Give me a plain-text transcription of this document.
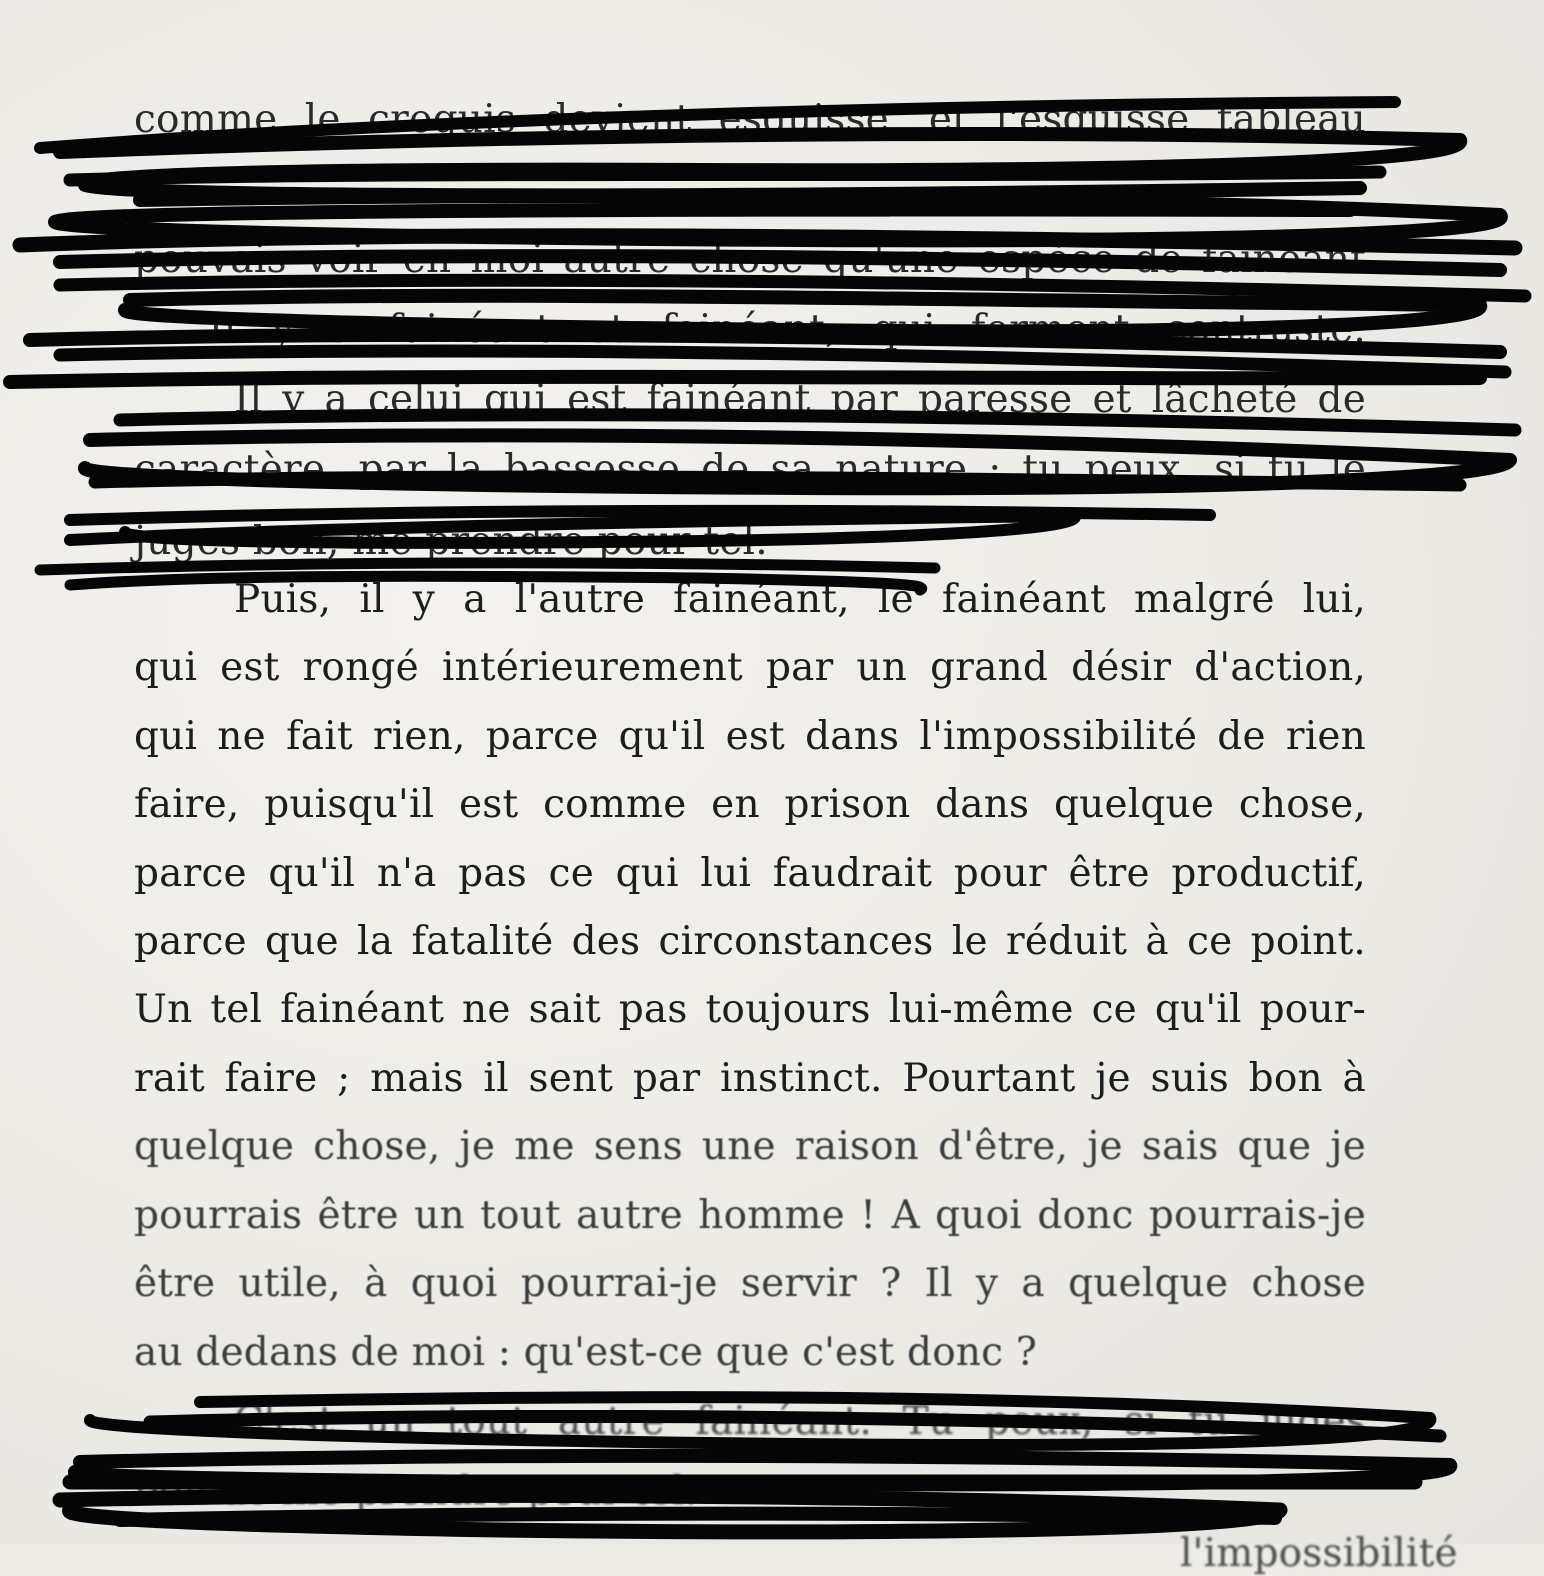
comme le croquis devient esquisse, et l'esquisse tableau
pouvais voir en moi autre chose qu'une espèce de fainéant
— Il y a fainéant et fainéant, qui forment contraste.
Il y a celui qui est fainéant par paresse et lâcheté de
caractère, par la bassesse de sa nature ; tu peux, si tu le
juges bon, me prendre pour tel.
Puis, il y a l'autre fainéant, le fainéant malgré lui,
qui est rongé intérieurement par un grand désir d'action,
qui ne fait rien, parce qu'il est dans l'impossibilité de rien
faire, puisqu'il est comme en prison dans quelque chose,
parce qu'il n'a pas ce qui lui faudrait pour être productif,
parce que la fatalité des circonstances le réduit à ce point.
Un tel fainéant ne sait pas toujours lui-même ce qu'il pour-
rait faire ; mais il sent par instinct. Pourtant je suis bon à
quelque chose, je me sens une raison d'être, je sais que je
pourrais être un tout autre homme ! A quoi donc pourrais-je
être utile, à quoi pourrai-je servir ? Il y a quelque chose
au dedans de moi : qu'est-ce que c'est donc ?
C'est un tout autre fainéant. Tu peux, si tu juges
bon de me prendre pour tel.
l'impossibilité
